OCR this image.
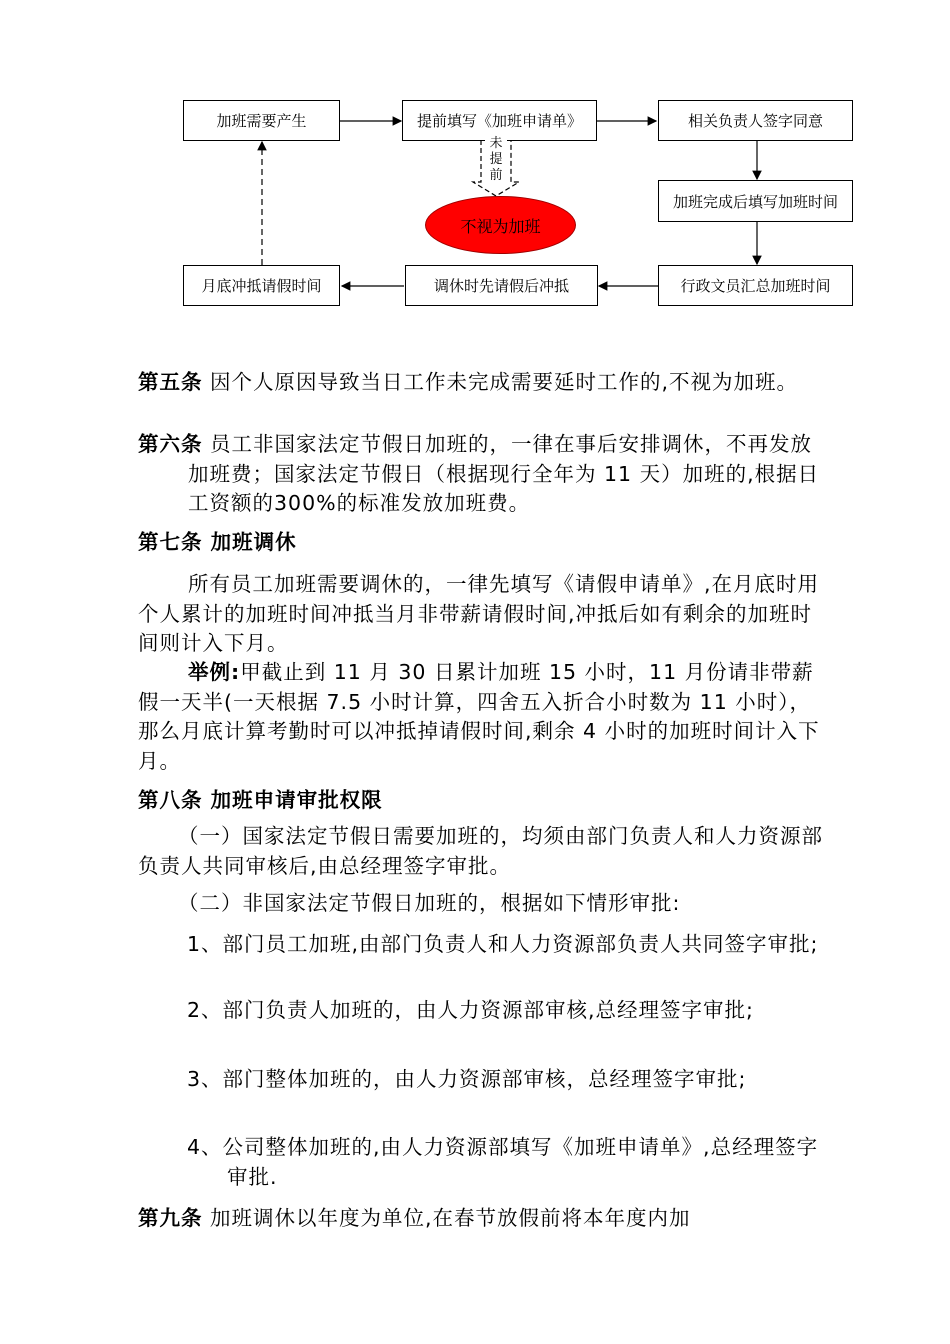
加班需要产生	提前填写《加班申请单》	相关负责人签字同意
加班完成后填写加班时间
行政文员汇总加班时间
调休时先请假后冲抵
月底冲抵请假时间
未提前
不视为加班

第五条 因个人原因导致当日工作未完成需要延时工作的,不视为加班。

第六条 员工非国家法定节假日加班的，一律在事后安排调休，不再发放加班费；国家法定节假日（根据现行全年为 11 天）加班的,根据日工资额的300%的标准发放加班费。

第七条 加班调休

所有员工加班需要调休的，一律先填写《请假申请单》,在月底时用个人累计的加班时间冲抵当月非带薪请假时间,冲抵后如有剩余的加班时间则计入下月。

举例:甲截止到 11 月 30 日累计加班 15 小时，11 月份请非带薪假一天半(一天根据 7.5 小时计算，四舍五入折合小时数为 11 小时），那么月底计算考勤时可以冲抵掉请假时间,剩余 4 小时的加班时间计入下月。

第八条 加班申请审批权限

（一）国家法定节假日需要加班的，均须由部门负责人和人力资源部负责人共同审核后,由总经理签字审批。

（二）非国家法定节假日加班的，根据如下情形审批:

1、部门员工加班,由部门负责人和人力资源部负责人共同签字审批;

2、部门负责人加班的，由人力资源部审核,总经理签字审批;

3、部门整体加班的，由人力资源部审核，总经理签字审批;

4、公司整体加班的,由人力资源部填写《加班申请单》,总经理签字审批.

第九条 加班调休以年度为单位,在春节放假前将本年度内加
